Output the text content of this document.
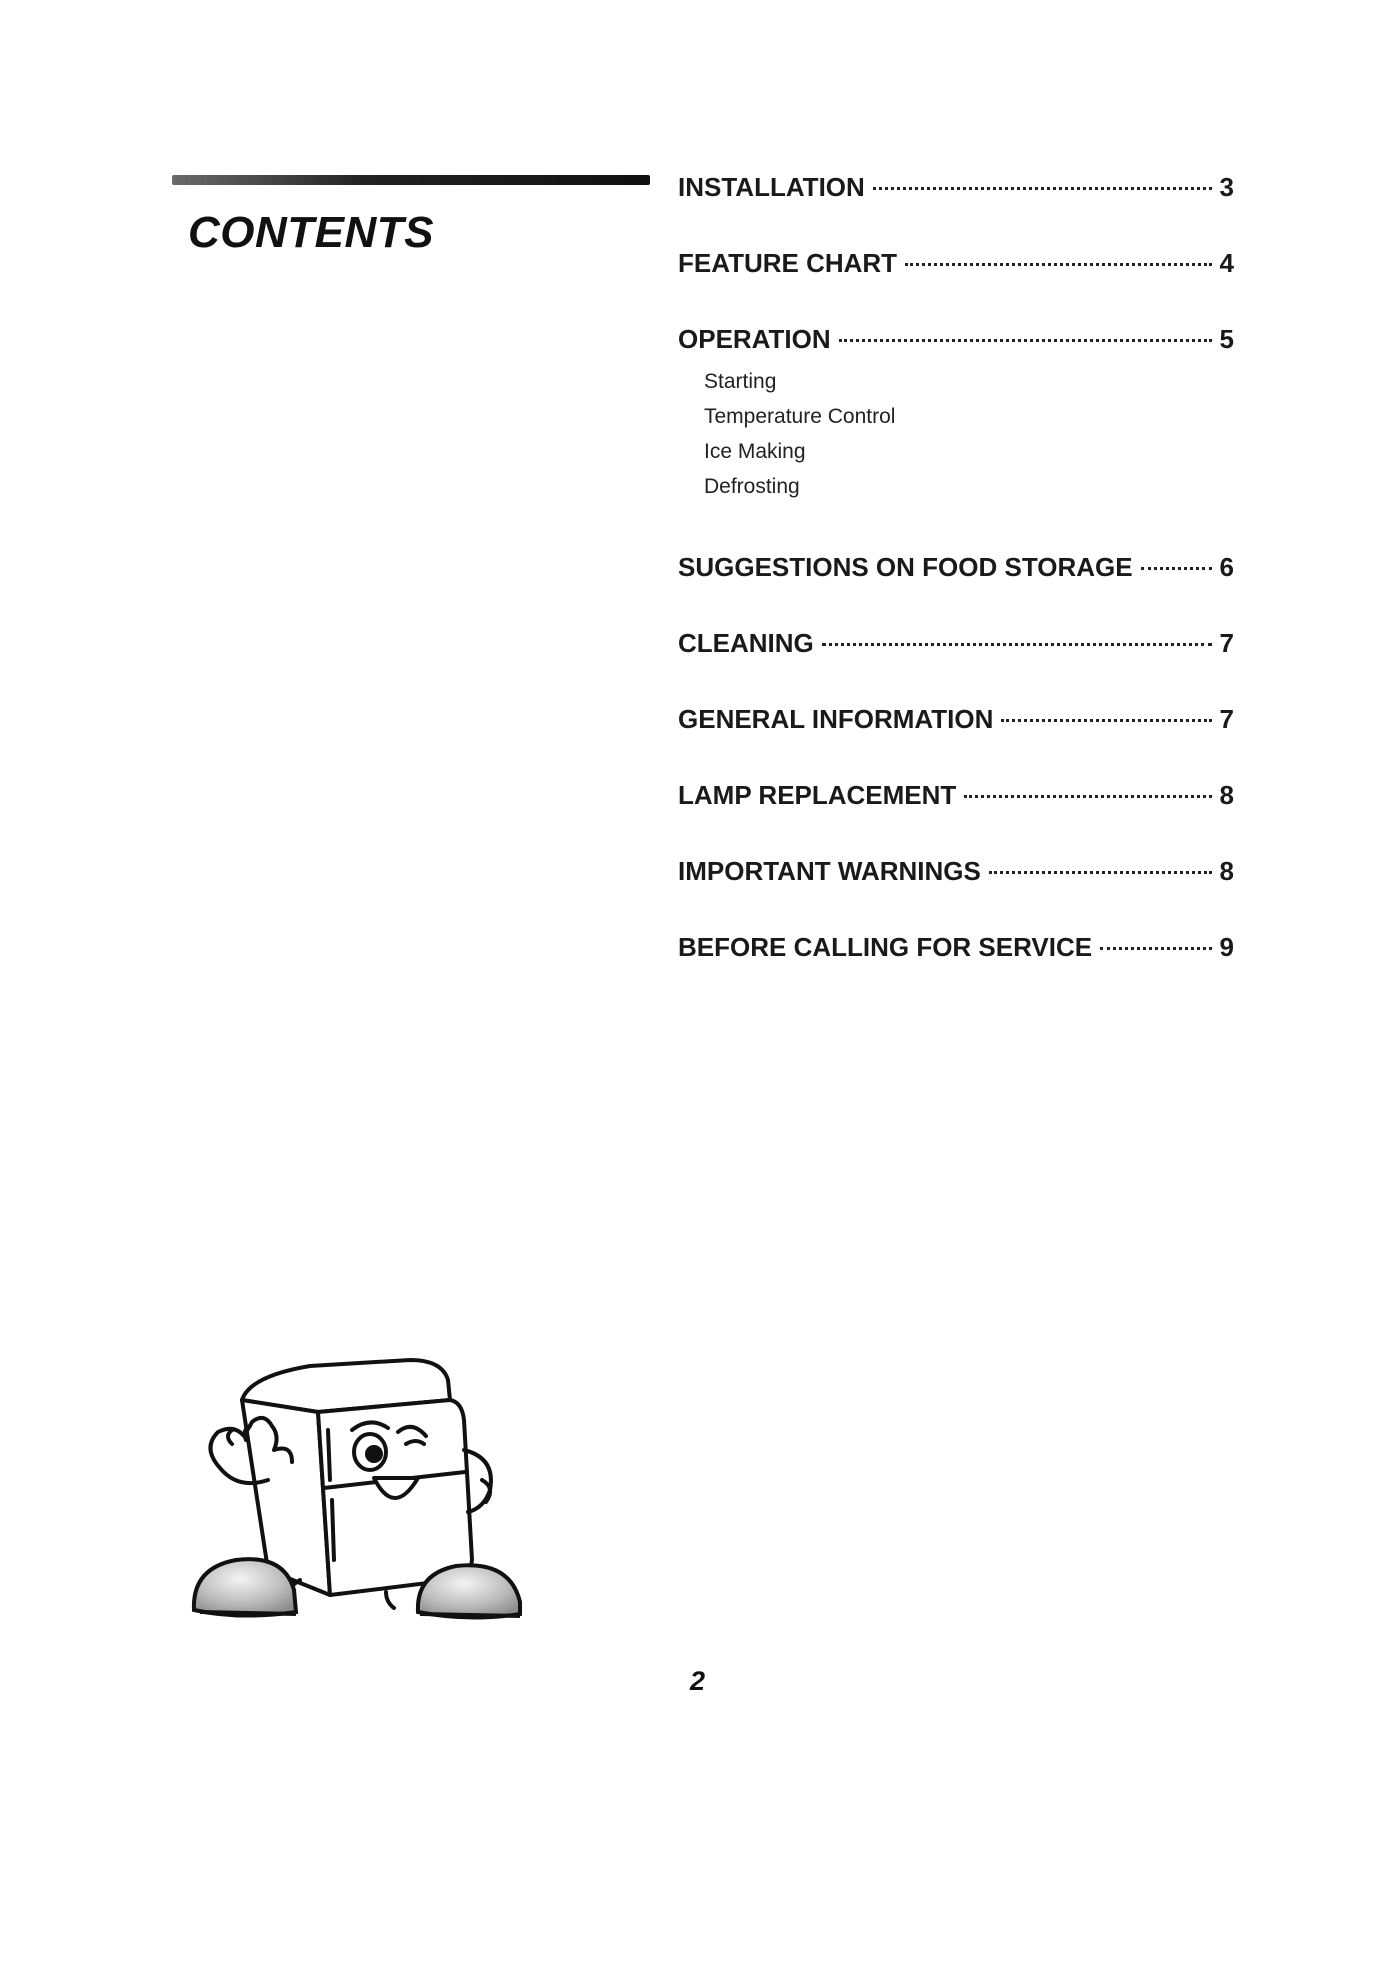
CONTENTS
INSTALLATION	3
FEATURE CHART	4
OPERATION	5
Starting
Temperature Control
Ice Making
Defrosting
SUGGESTIONS ON FOOD STORAGE	6
CLEANING	7
GENERAL INFORMATION	7
LAMP REPLACEMENT	8
IMPORTANT WARNINGS	8
BEFORE CALLING FOR SERVICE	9
2
